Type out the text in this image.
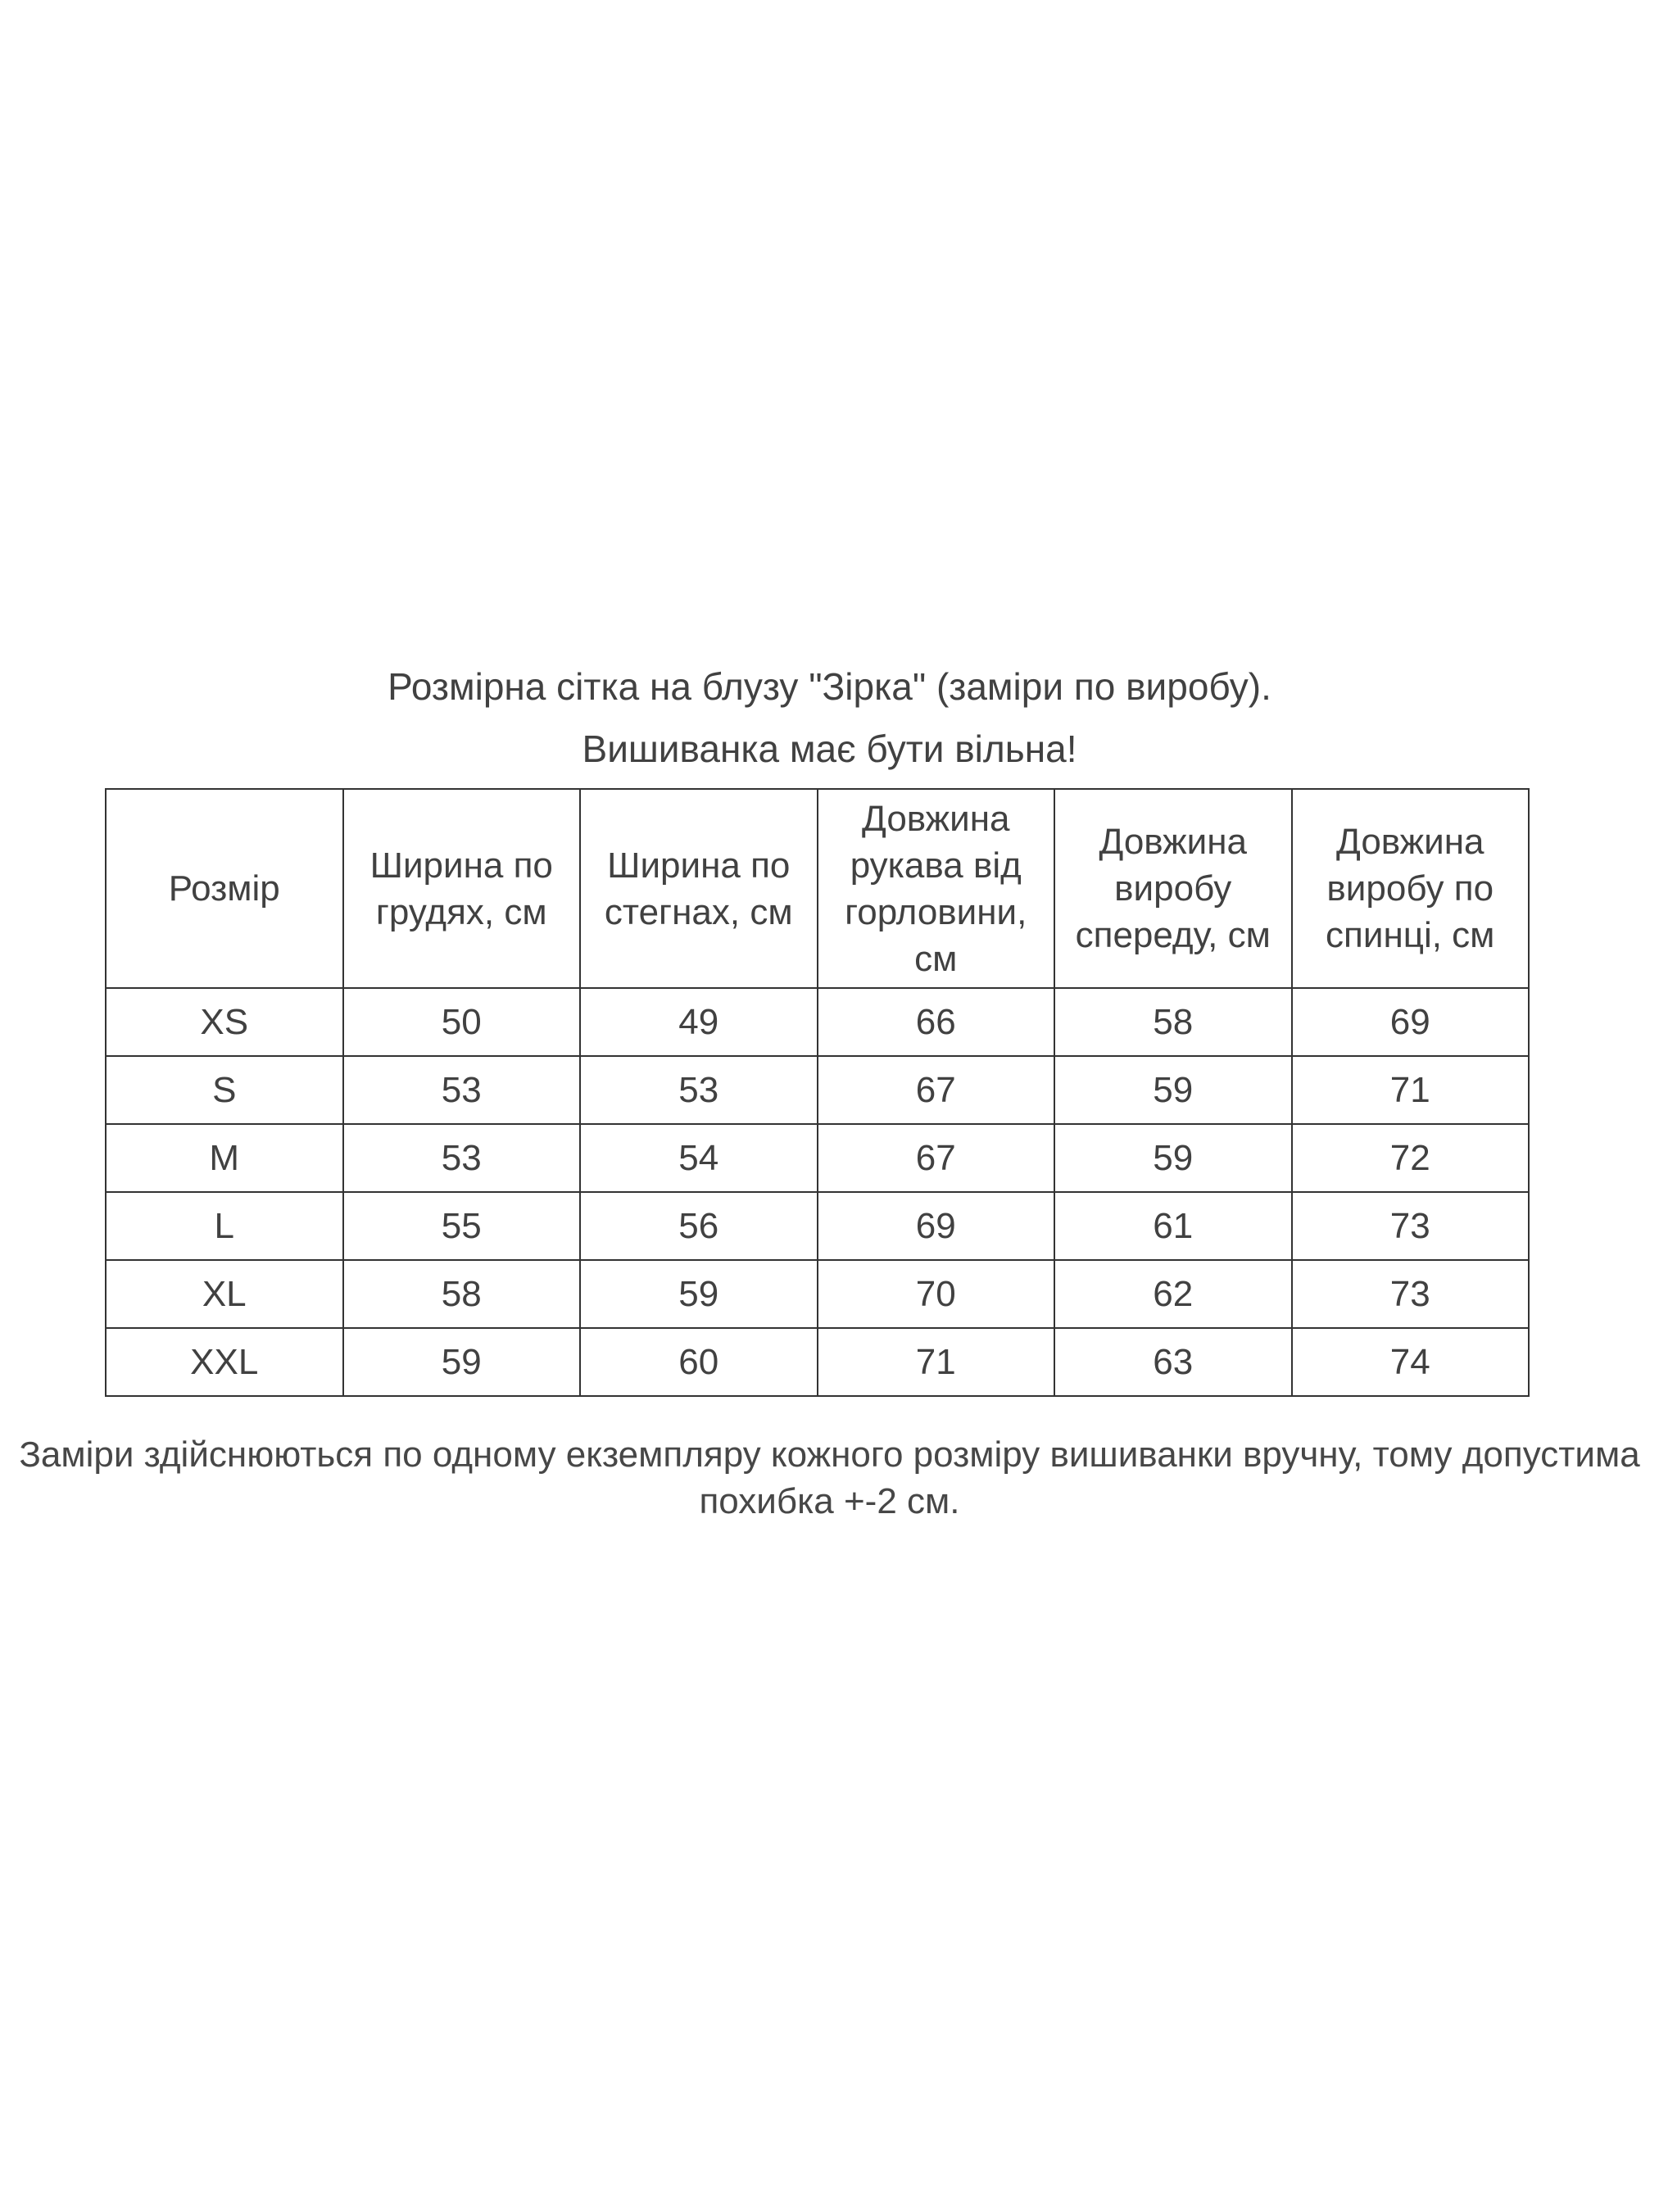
Розмірна сітка на блузу "Зірка" (заміри по виробу).
Вишиванка має бути вільна!
Розмір	Ширина по грудях, см	Ширина по стегнах, см	Довжина рукава від горловини, см	Довжина виробу спереду, см	Довжина виробу по спинці, см
XS	50	49	66	58	69
S	53	53	67	59	71
M	53	54	67	59	72
L	55	56	69	61	73
XL	58	59	70	62	73
XXL	59	60	71	63	74
Заміри здійснюються по одному екземпляру кожного розміру вишиванки вручну, тому допустима
похибка +-2 см.
